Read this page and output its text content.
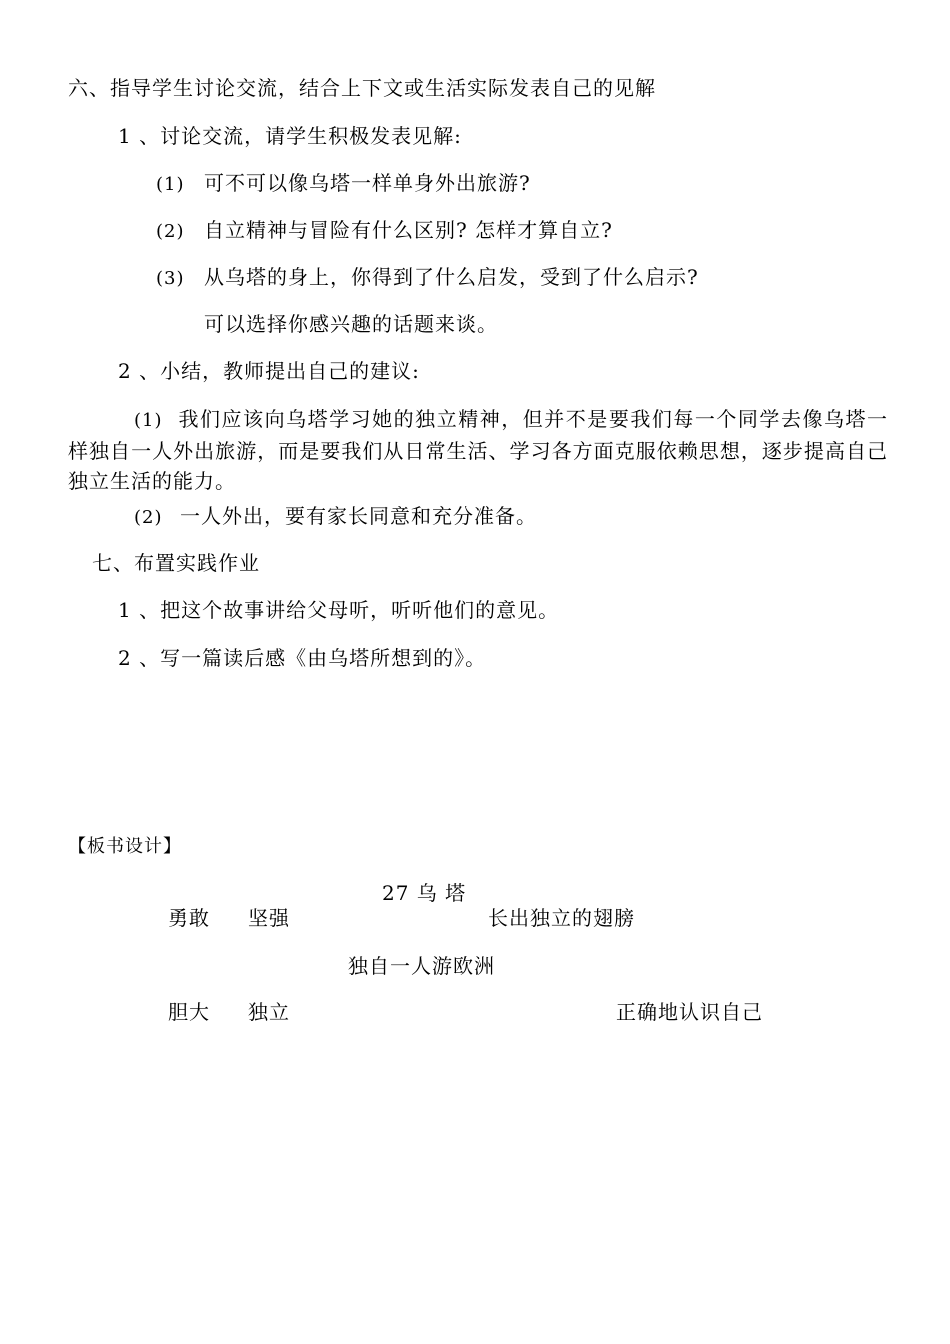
六、指导学生讨论交流，结合上下文或生活实际发表自己的见解
1 、讨论交流，请学生积极发表见解:
(1) 可不可以像乌塔一样单身外出旅游?
(2) 自立精神与冒险有什么区别? 怎样才算自立?
(3) 从乌塔的身上，你得到了什么启发，受到了什么启示?
可以选择你感兴趣的话题来谈。
2 、小结，教师提出自己的建议:
(1) 我们应该向乌塔学习她的独立精神，但并不是要我们每一个同学去像乌塔一样独自一人外出旅游，而是要我们从日常生活、学习各方面克服依赖思想，逐步提高自己独立生活的能力。
(2) 一人外出，要有家长同意和充分准备。
七、布置实践作业
1 、把这个故事讲给父母听，听听他们的意见。
2 、写一篇读后感《由乌塔所想到的》。
【板书设计】
27 乌 塔
勇敢 坚强	长出独立的翅膀
独自一人游欧洲
胆大 独立	正确地认识自己
